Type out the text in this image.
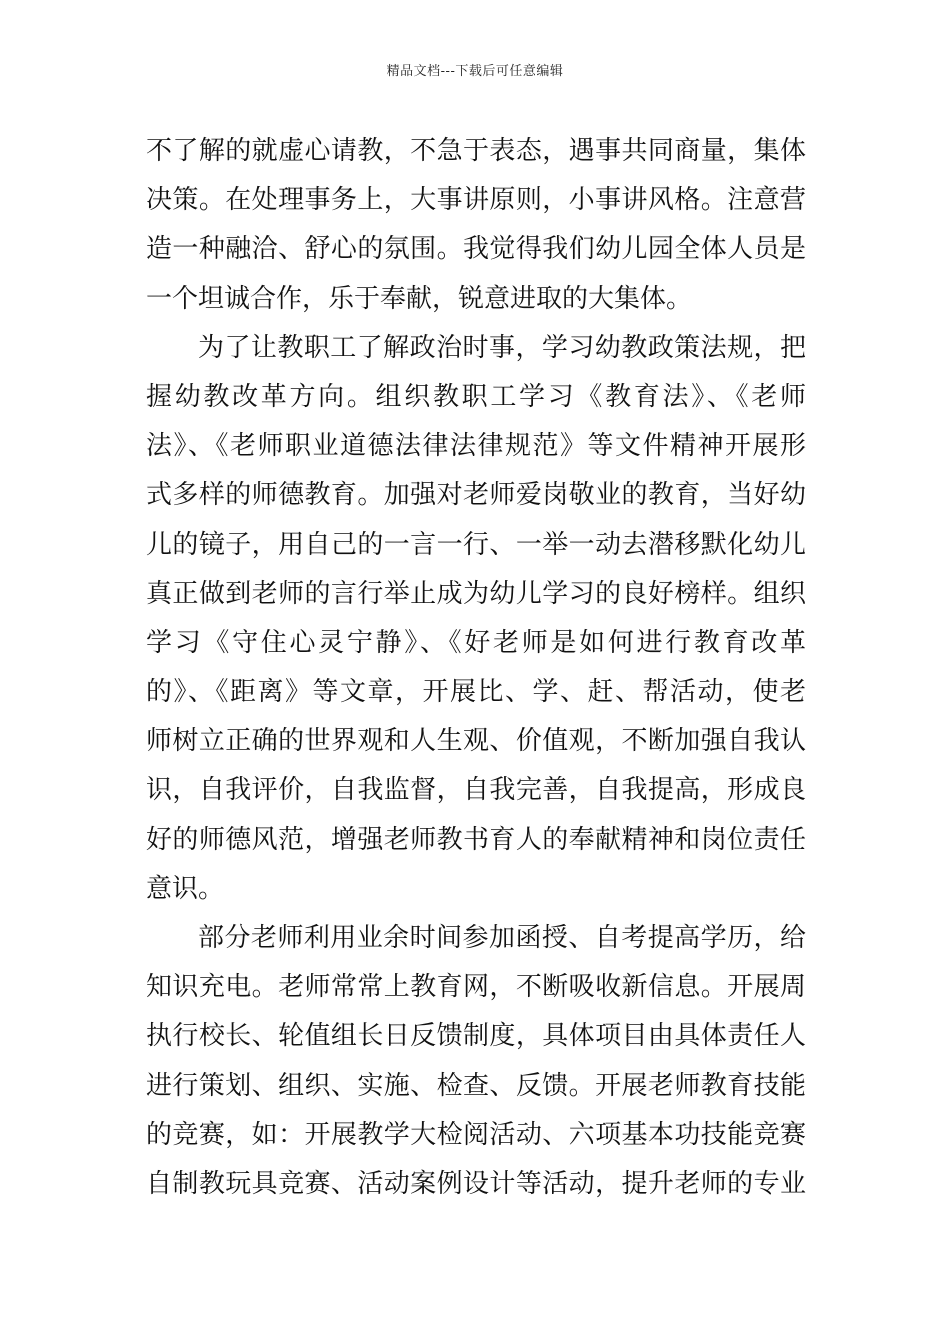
精品文档---下载后可任意编辑
不了解的就虚心请教，不急于表态，遇事共同商量，集体
决策。在处理事务上，大事讲原则，小事讲风格。注意营
造一种融洽、舒心的氛围。我觉得我们幼儿园全体人员是
一个坦诚合作，乐于奉献，锐意进取的大集体。
为了让教职工了解政治时事，学习幼教政策法规，把
握幼教改革方向。组织教职工学习《教育法》、《老师
法》、《老师职业道德法律法律规范》等文件精神开展形
式多样的师德教育。加强对老师爱岗敬业的教育，当好幼
儿的镜子，用自己的一言一行、一举一动去潜移默化幼儿
真正做到老师的言行举止成为幼儿学习的良好榜样。组织
学习《守住心灵宁静》、《好老师是如何进行教育改革
的》、《距离》等文章，开展比、学、赶、帮活动，使老
师树立正确的世界观和人生观、价值观，不断加强自我认
识，自我评价，自我监督，自我完善，自我提高，形成良
好的师德风范，增强老师教书育人的奉献精神和岗位责任
意识。
部分老师利用业余时间参加函授、自考提高学历，给
知识充电。老师常常上教育网，不断吸收新信息。开展周
执行校长、轮值组长日反馈制度，具体项目由具体责任人
进行策划、组织、实施、检查、反馈。开展老师教育技能
的竞赛，如：开展教学大检阅活动、六项基本功技能竞赛
自制教玩具竞赛、活动案例设计等活动，提升老师的专业
